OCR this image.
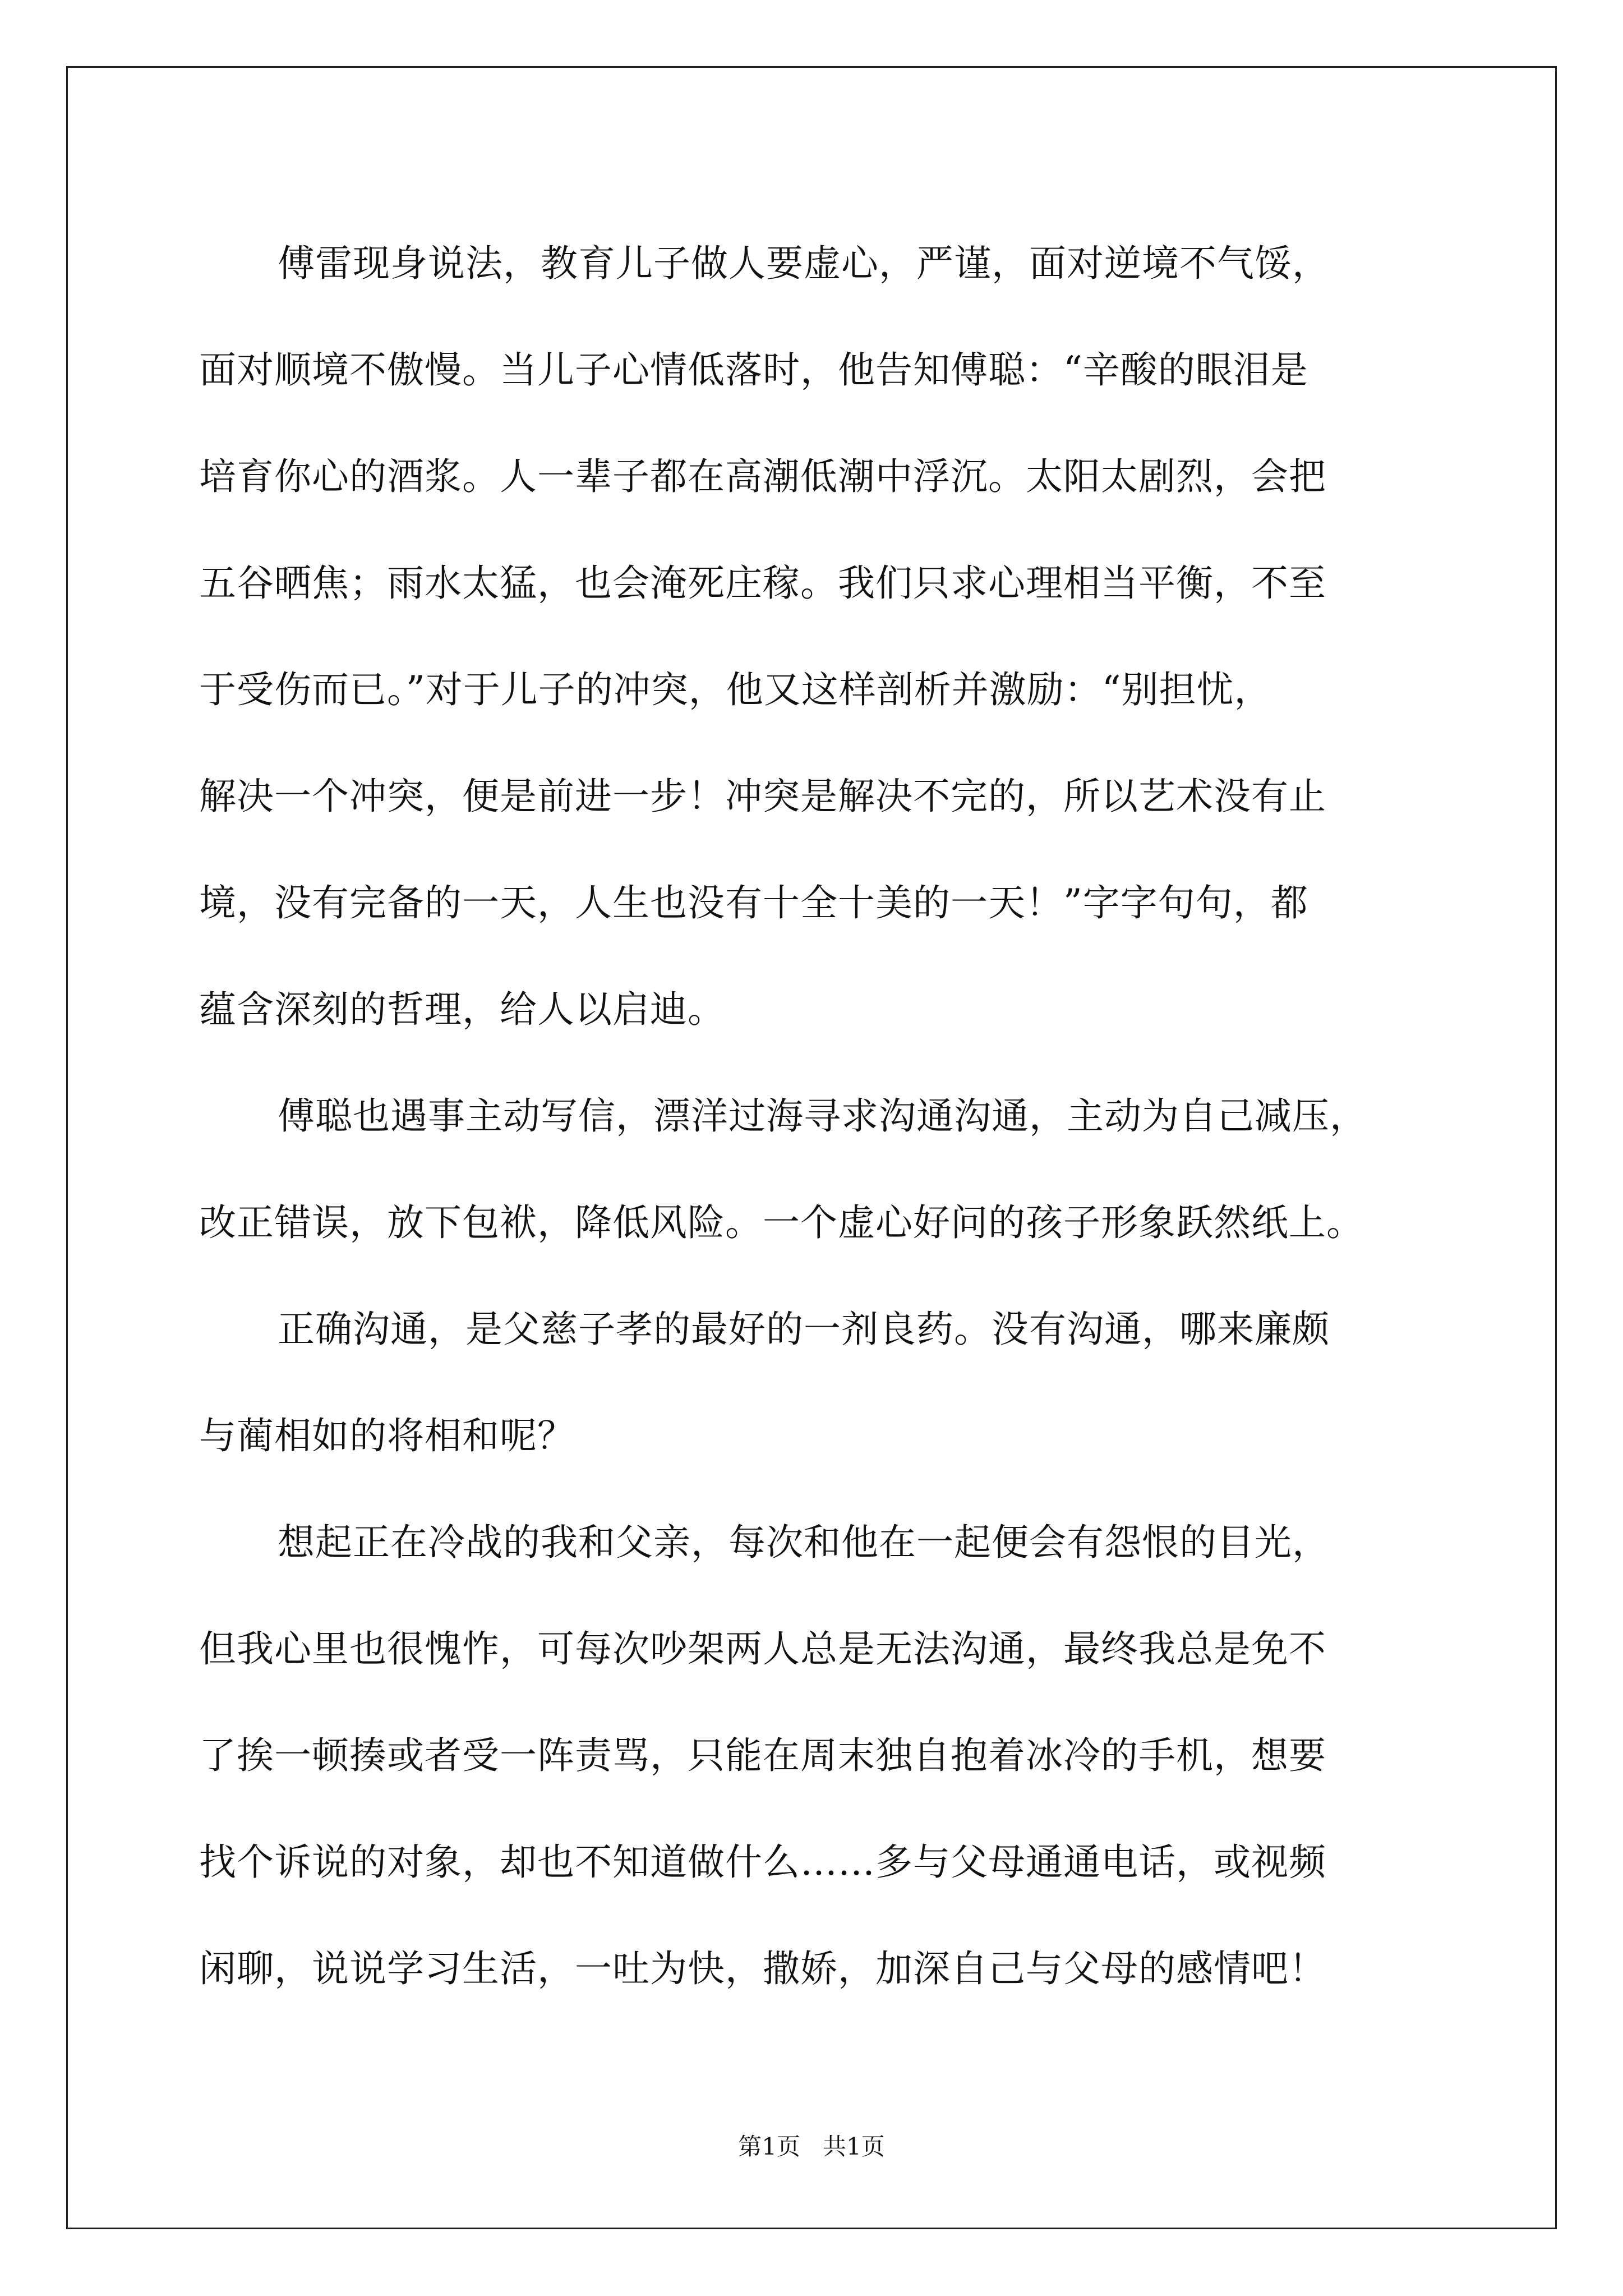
傅雷现身说法，教育儿子做人要虚心，严谨，面对逆境不气馁，
面对顺境不傲慢。当儿子心情低落时，他告知傅聪：“辛酸的眼泪是
培育你心的酒浆。人一辈子都在高潮低潮中浮沉。太阳太剧烈，会把
五谷晒焦；雨水太猛，也会淹死庄稼。我们只求心理相当平衡，不至
于受伤而已。”对于儿子的冲突，他又这样剖析并激励：“别担忧，
解决一个冲突，便是前进一步！冲突是解决不完的，所以艺术没有止
境，没有完备的一天，人生也没有十全十美的一天！”字字句句，都
蕴含深刻的哲理，给人以启迪。
傅聪也遇事主动写信，漂洋过海寻求沟通沟通，主动为自己减压，
改正错误，放下包袱，降低风险。一个虚心好问的孩子形象跃然纸上。
正确沟通，是父慈子孝的最好的一剂良药。没有沟通，哪来廉颇
与蔺相如的将相和呢？
想起正在冷战的我和父亲，每次和他在一起便会有怨恨的目光，
但我心里也很愧怍，可每次吵架两人总是无法沟通，最终我总是免不
了挨一顿揍或者受一阵责骂，只能在周末独自抱着冰冷的手机，想要
找个诉说的对象，却也不知道做什么……多与父母通通电话，或视频
闲聊，说说学习生活，一吐为快，撒娇，加深自己与父母的感情吧！
第1页 共1页
